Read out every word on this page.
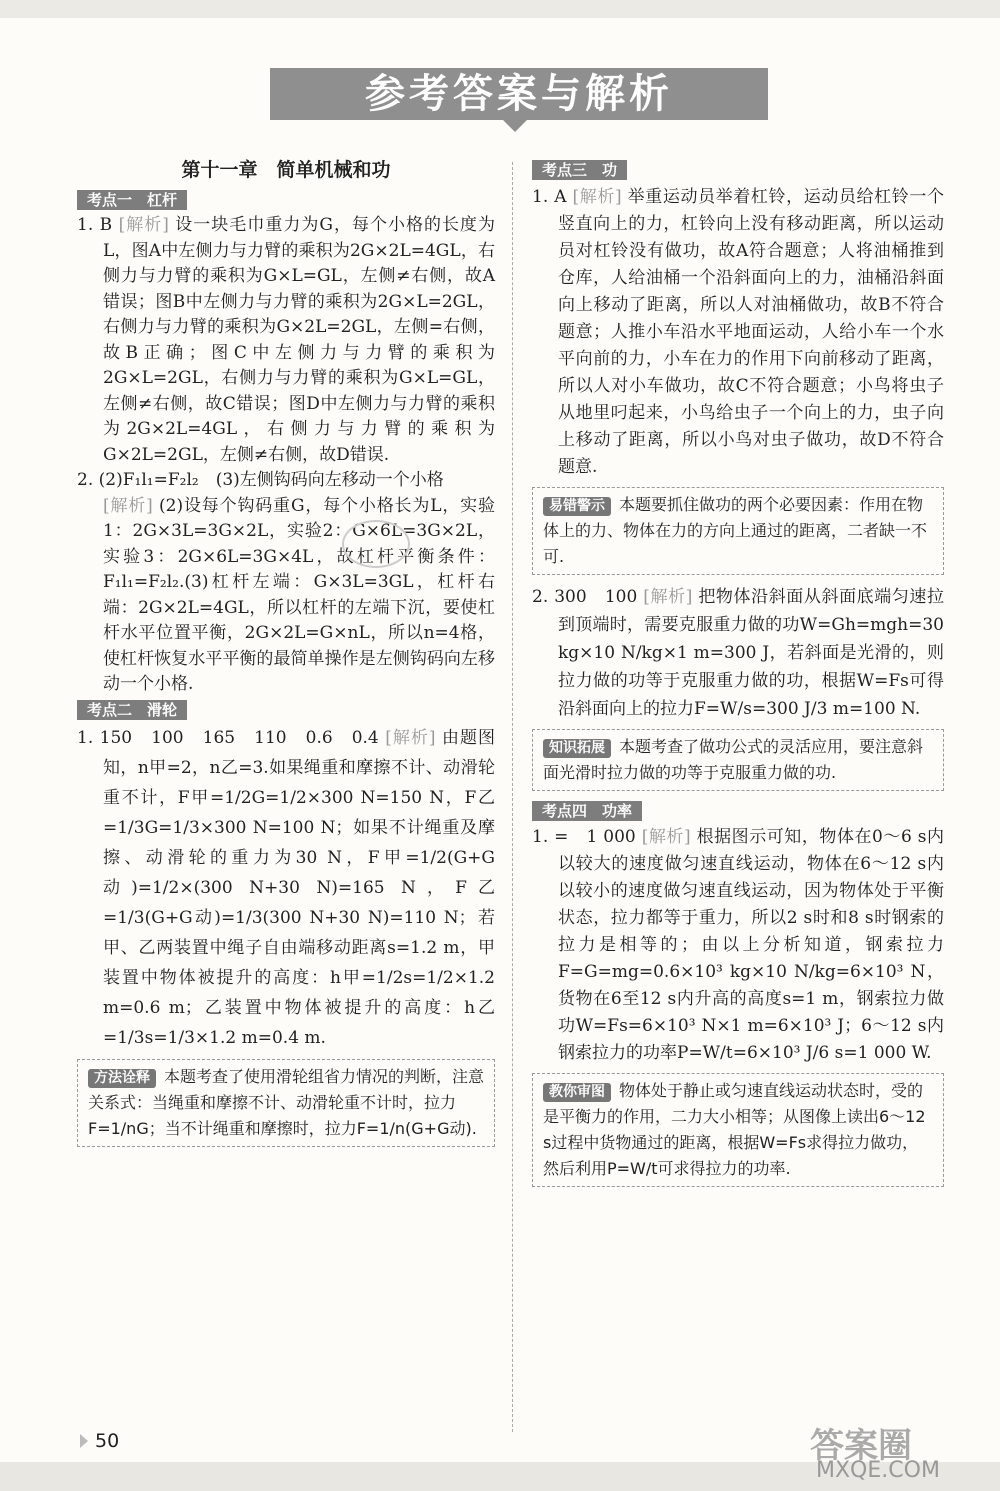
参考答案与解析
第十一章　简单机械和功
考点一　杠杆

1. B [解析] 设一块毛巾重力为G，每个小格的长度为L，图A中左侧力与力臂的乘积为2G×2L=4GL，右侧力与力臂的乘积为G×L=GL，左侧≠右侧，故A错误；图B中左侧力与力臂的乘积为2G×L=2GL，右侧力与力臂的乘积为G×2L=2GL，左侧=右侧，故B正确；图C中左侧力与力臂的乘积为2G×L=2GL，右侧力与力臂的乘积为G×L=GL，左侧≠右侧，故C错误；图D中左侧力与力臂的乘积为2G×2L=4GL，右侧力与力臂的乘积为G×2L=2GL，左侧≠右侧，故D错误.

2. (2)F₁l₁=F₂l₂　(3)左侧钩码向左移动一个小格
[解析] (2)设每个钩码重G，每个小格长为L，实验1：2G×3L=3G×2L，实验2：G×6L=3G×2L，实验3：2G×6L=3G×4L，故杠杆平衡条件：F₁l₁=F₂l₂.(3)杠杆左端：G×3L=3GL，杠杆右端：2G×2L=4GL，所以杠杆的左端下沉，要使杠杆水平位置平衡，2G×2L=G×nL，所以n=4格，使杠杆恢复水平平衡的最简单操作是左侧钩码向左移动一个小格.

考点二　滑轮

1. 150　100　165　110　0.6　0.4 [解析] 由题图知，n甲=2，n乙=3.如果绳重和摩擦不计、动滑轮重不计，F甲=1/2G=1/2×300 N=150 N，F乙=1/3G=1/3×300 N=100 N；如果不计绳重及摩擦、动滑轮的重力为30 N，F甲=1/2(G+G动)=1/2×(300 N+30 N)=165 N，F乙=1/3(G+G动)=1/3(300 N+30 N)=110 N；若甲、乙两装置中绳子自由端移动距离s=1.2 m，甲装置中物体被提升的高度：h甲=1/2s=1/2×1.2 m=0.6 m；乙装置中物体被提升的高度：h乙=1/3s=1/3×1.2 m=0.4 m.

方法诠释 本题考查了使用滑轮组省力情况的判断，注意关系式：当绳重和摩擦不计、动滑轮重不计时，拉力F=1/nG；当不计绳重和摩擦时，拉力F=1/n(G+G动).
考点三　功

1. A [解析] 举重运动员举着杠铃，运动员给杠铃一个竖直向上的力，杠铃向上没有移动距离，所以运动员对杠铃没有做功，故A符合题意；人将油桶推到仓库，人给油桶一个沿斜面向上的力，油桶沿斜面向上移动了距离，所以人对油桶做功，故B不符合题意；人推小车沿水平地面运动，人给小车一个水平向前的力，小车在力的作用下向前移动了距离，所以人对小车做功，故C不符合题意；小鸟将虫子从地里叼起来，小鸟给虫子一个向上的力，虫子向上移动了距离，所以小鸟对虫子做功，故D不符合题意.

易错警示 本题要抓住做功的两个必要因素：作用在物体上的力、物体在力的方向上通过的距离，二者缺一不可.

2. 300　100 [解析] 把物体沿斜面从斜面底端匀速拉到顶端时，需要克服重力做的功W=Gh=mgh=30 kg×10 N/kg×1 m=300 J，若斜面是光滑的，则拉力做的功等于克服重力做的功，根据W=Fs可得沿斜面向上的拉力F=W/s=300 J/3 m=100 N.

知识拓展 本题考查了做功公式的灵活应用，要注意斜面光滑时拉力做的功等于克服重力做的功.
考点四　功率

1. =　1 000 [解析] 根据图示可知，物体在0～6 s内以较大的速度做匀速直线运动，物体在6～12 s内以较小的速度做匀速直线运动，因为物体处于平衡状态，拉力都等于重力，所以2 s时和8 s时钢索的拉力是相等的；由以上分析知道，钢索拉力F=G=mg=0.6×10³ kg×10 N/kg=6×10³ N，货物在6至12 s内升高的高度s=1 m，钢索拉力做功W=Fs=6×10³ N×1 m=6×10³ J；6～12 s内钢索拉力的功率P=W/t=6×10³ J/6 s=1 000 W.

教你审图 物体处于静止或匀速直线运动状态时，受的是平衡力的作用，二力大小相等；从图像上读出6～12 s过程中货物通过的距离，根据W=Fs求得拉力做功，然后利用P=W/t可求得拉力的功率.
50	答案圈
MXQE.COM
